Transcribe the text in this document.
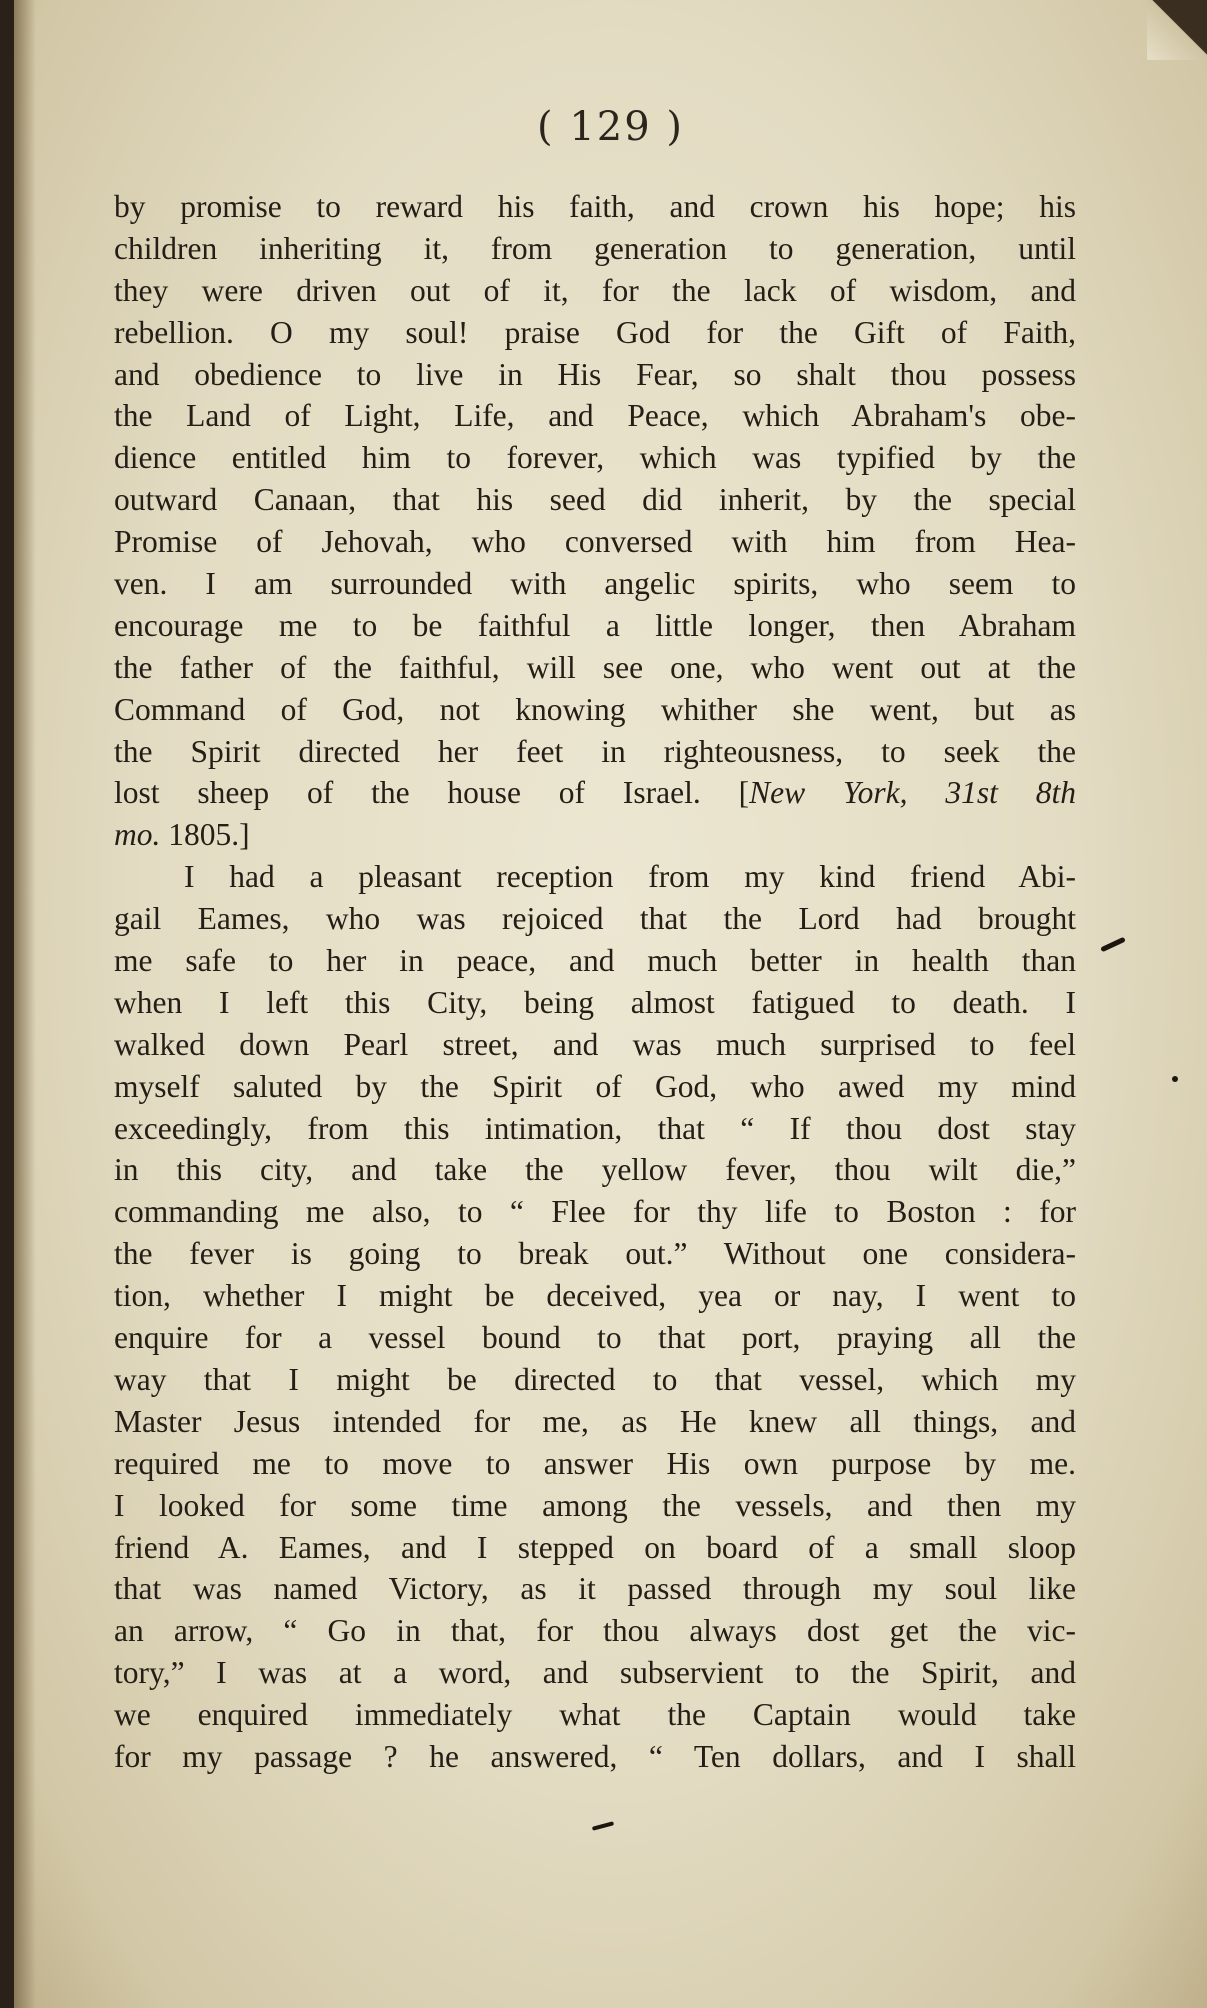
( 129 )
by promise to reward his faith, and crown his hope; his
children inheriting it, from generation to generation, until
they were driven out of it, for the lack of wisdom, and
rebellion. O my soul! praise God for the Gift of Faith,
and obedience to live in His Fear, so shalt thou possess
the Land of Light, Life, and Peace, which Abraham's obe-
dience entitled him to forever, which was typified by the
outward Canaan, that his seed did inherit, by the special
Promise of Jehovah, who conversed with him from Hea-
ven. I am surrounded with angelic spirits, who seem to
encourage me to be faithful a little longer, then Abraham
the father of the faithful, will see one, who went out at the
Command of God, not knowing whither she went, but as
the Spirit directed her feet in righteousness, to seek the
lost sheep of the house of Israel. [New York, 31st 8th
mo. 1805.]
I had a pleasant reception from my kind friend Abi-
gail Eames, who was rejoiced that the Lord had brought
me safe to her in peace, and much better in health than
when I left this City, being almost fatigued to death. I
walked down Pearl street, and was much surprised to feel
myself saluted by the Spirit of God, who awed my mind
exceedingly, from this intimation, that “ If thou dost stay
in this city, and take the yellow fever, thou wilt die,”
commanding me also, to “ Flee for thy life to Boston : for
the fever is going to break out.” Without one considera-
tion, whether I might be deceived, yea or nay, I went to
enquire for a vessel bound to that port, praying all the
way that I might be directed to that vessel, which my
Master Jesus intended for me, as He knew all things, and
required me to move to answer His own purpose by me.
I looked for some time among the vessels, and then my
friend A. Eames, and I stepped on board of a small sloop
that was named Victory, as it passed through my soul like
an arrow, “ Go in that, for thou always dost get the vic-
tory,” I was at a word, and subservient to the Spirit, and
we enquired immediately what the Captain would take
for my passage ? he answered, “ Ten dollars, and I shall
